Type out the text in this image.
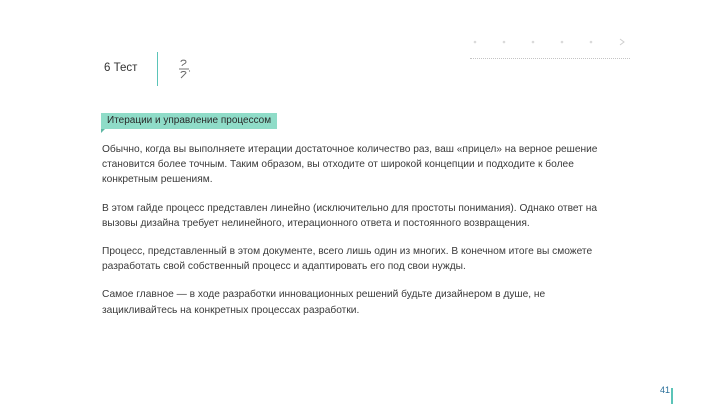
6 Тест
Итерации и управление процессом

Обычно, когда вы выполняете итерации достаточное количество раз, ваш «прицел» на верное решение становится более точным. Таким образом, вы отходите от широкой концепции и подходите к более конкретным решениям.

В этом гайде процесс представлен линейно (исключительно для простоты понимания). Однако ответ на вызовы дизайна требует нелинейного, итерационного ответа и постоянного возвращения.

Процесс, представленный в этом документе, всего лишь один из многих. В конечном итоге вы сможете разработать свой собственный процесс и адаптировать его под свои нужды.

Самое главное — в ходе разработки инновационных решений будьте дизайнером в душе, не зацикливайтесь на конкретных процессах разработки.

41
